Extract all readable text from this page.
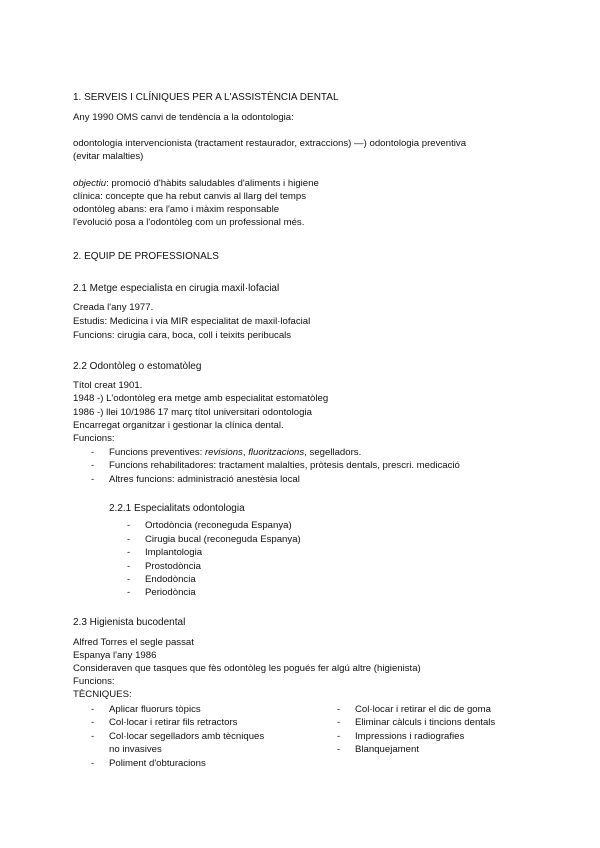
1. SERVEIS I CLÍNIQUES PER A L'ASSISTÈNCIA DENTAL
Any 1990 OMS canvi de tendència a la odontologia:
odontologia intervencionista (tractament restaurador, extraccions) —) odontologia preventiva
(evitar malalties)
objectiu: promoció d'hàbits saludables d'aliments i higiene
clínica: concepte que ha rebut canvis al llarg del temps
odontòleg abans: era l'amo i màxim responsable
l'evolució posa a l'odontòleg com un professional més.
2. EQUIP DE PROFESSIONALS
2.1 Metge especialista en cirugia maxil·lofacial
Creada l'any 1977.
Estudis: Medicina i via MIR especialitat de maxil·lofacial
Funcions: cirugia cara, boca, coll i teixits peribucals
2.2 Odontòleg o estomatòleg
Títol creat 1901.
1948 -) L'odontòleg era metge amb especialitat estomatòleg
1986 -) llei 10/1986 17 març títol universitari odontologia
Encarregat organitzar i gestionar la clínica dental.
Funcions:
-	Funcions preventives: revisions, fluoritzacions, segelladors.
-	Funcions rehabilitadores: tractament malalties, pròtesis dentals, prescri. medicació
-	Altres funcions: administració anestèsia local
2.2.1 Especialitats odontologia
-	Ortodòncia (reconeguda Espanya)
-	Cirugia bucal (reconeguda Espanya)
-	Implantologia
-	Prostodòncia
-	Endodòncia
-	Periodòncia
2.3 Higienista bucodental
Alfred Torres el segle passat
Espanya l'any 1986
Consideraven que tasques que fès odontòleg les pogués fer algú altre (higienista)
Funcions:
TÈCNIQUES:
-	Aplicar fluorurs tòpics
-	Col·locar i retirar fils retractors
-	Col·locar segelladors amb tècniques
no invasives
-	Poliment d'obturacions
-	Col·locar i retirar el dic de goma
-	Eliminar càlculs i tincions dentals
-	Impressions i radiografies
-	Blanquejament
